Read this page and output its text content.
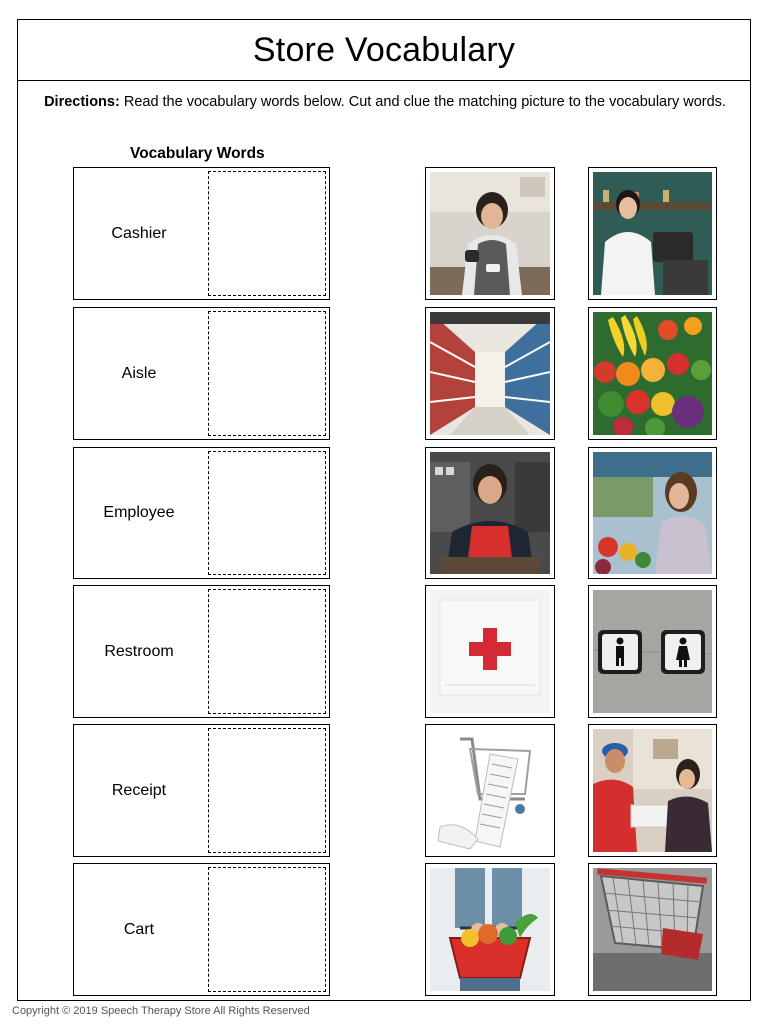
Store Vocabulary
Directions: Read the vocabulary words below. Cut and clue the matching picture to the vocabulary words.
Vocabulary Words
Cashier
Aisle
Employee
Restroom
Receipt
Cart
Copyright © 2019 Speech Therapy Store All Rights Reserved
